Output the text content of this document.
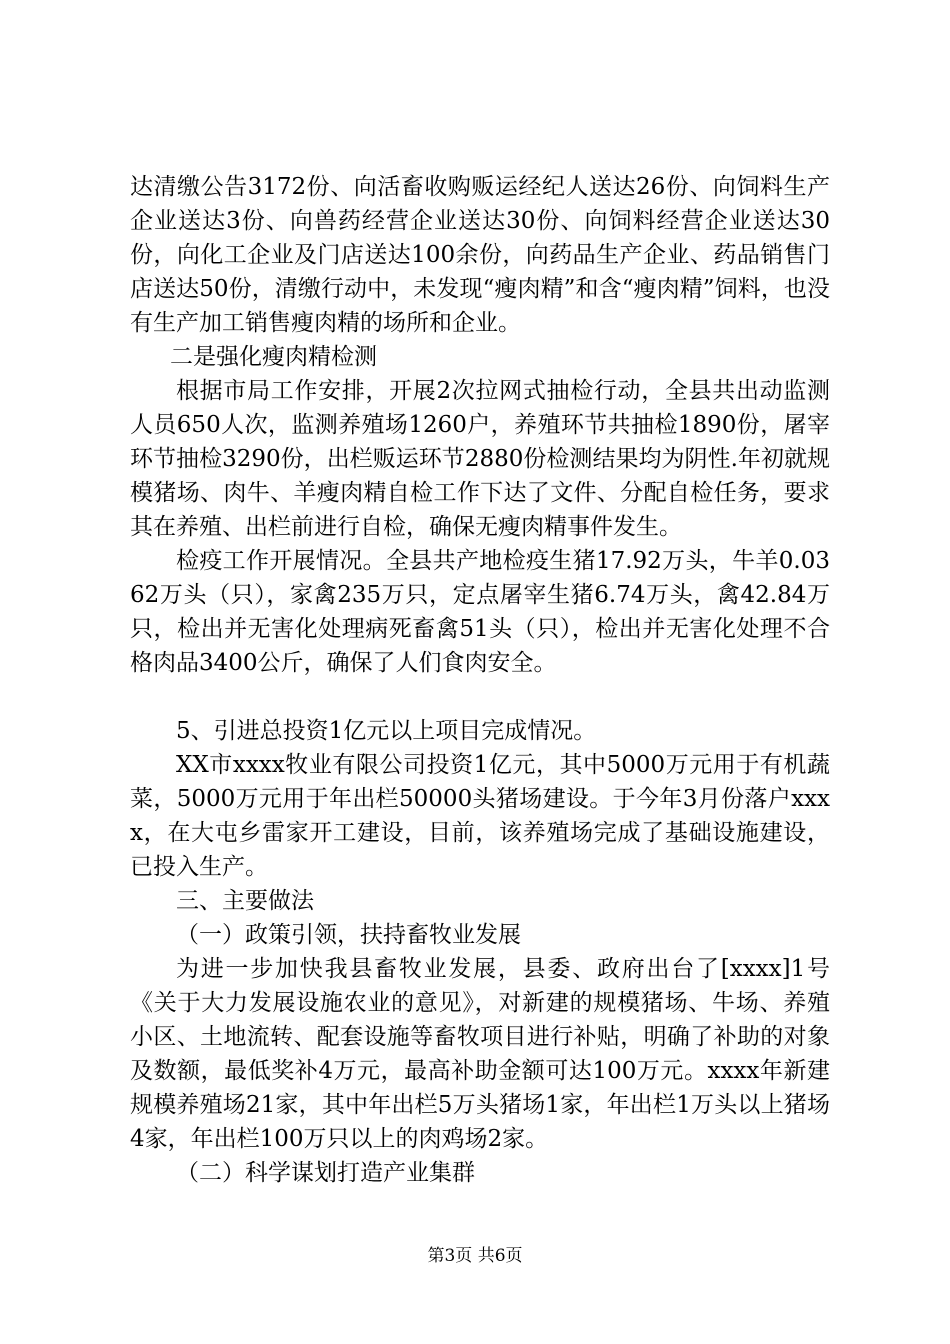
达清缴公告3172份、向活畜收购贩运经纪人送达26份、向饲料生产企业送达3份、向兽药经营企业送达30份、向饲料经营企业送达30份，向化工企业及门店送达100余份，向药品生产企业、药品销售门店送达50份，清缴行动中，未发现“瘦肉精”和含“瘦肉精”饲料，也没有生产加工销售瘦肉精的场所和企业。

二是强化瘦肉精检测

根据市局工作安排，开展2次拉网式抽检行动，全县共出动监测人员650人次，监测养殖场1260户，养殖环节共抽检1890份，屠宰环节抽检3290份，出栏贩运环节2880份检测结果均为阴性.年初就规模猪场、肉牛、羊瘦肉精自检工作下达了文件、分配自检任务，要求其在养殖、出栏前进行自检，确保无瘦肉精事件发生。

检疫工作开展情况。全县共产地检疫生猪17.92万头，牛羊0.0362万头（只），家禽235万只，定点屠宰生猪6.74万头，禽42.84万只，检出并无害化处理病死畜禽51头（只），检出并无害化处理不合格肉品3400公斤，确保了人们食肉安全。

5、引进总投资1亿元以上项目完成情况。

XX市xxxx牧业有限公司投资1亿元，其中5000万元用于有机蔬菜，5000万元用于年出栏50000头猪场建设。于今年3月份落户xxxx，在大屯乡雷家开工建设，目前，该养殖场完成了基础设施建设，已投入生产。

三、主要做法

（一）政策引领，扶持畜牧业发展

为进一步加快我县畜牧业发展，县委、政府出台了[xxxx]1号《关于大力发展设施农业的意见》，对新建的规模猪场、牛场、养殖小区、土地流转、配套设施等畜牧项目进行补贴，明确了补助的对象及数额，最低奖补4万元，最高补助金额可达100万元。xxxx年新建规模养殖场21家，其中年出栏5万头猪场1家，年出栏1万头以上猪场4家，年出栏100万只以上的肉鸡场2家。

（二）科学谋划打造产业集群

第3页 共6页
